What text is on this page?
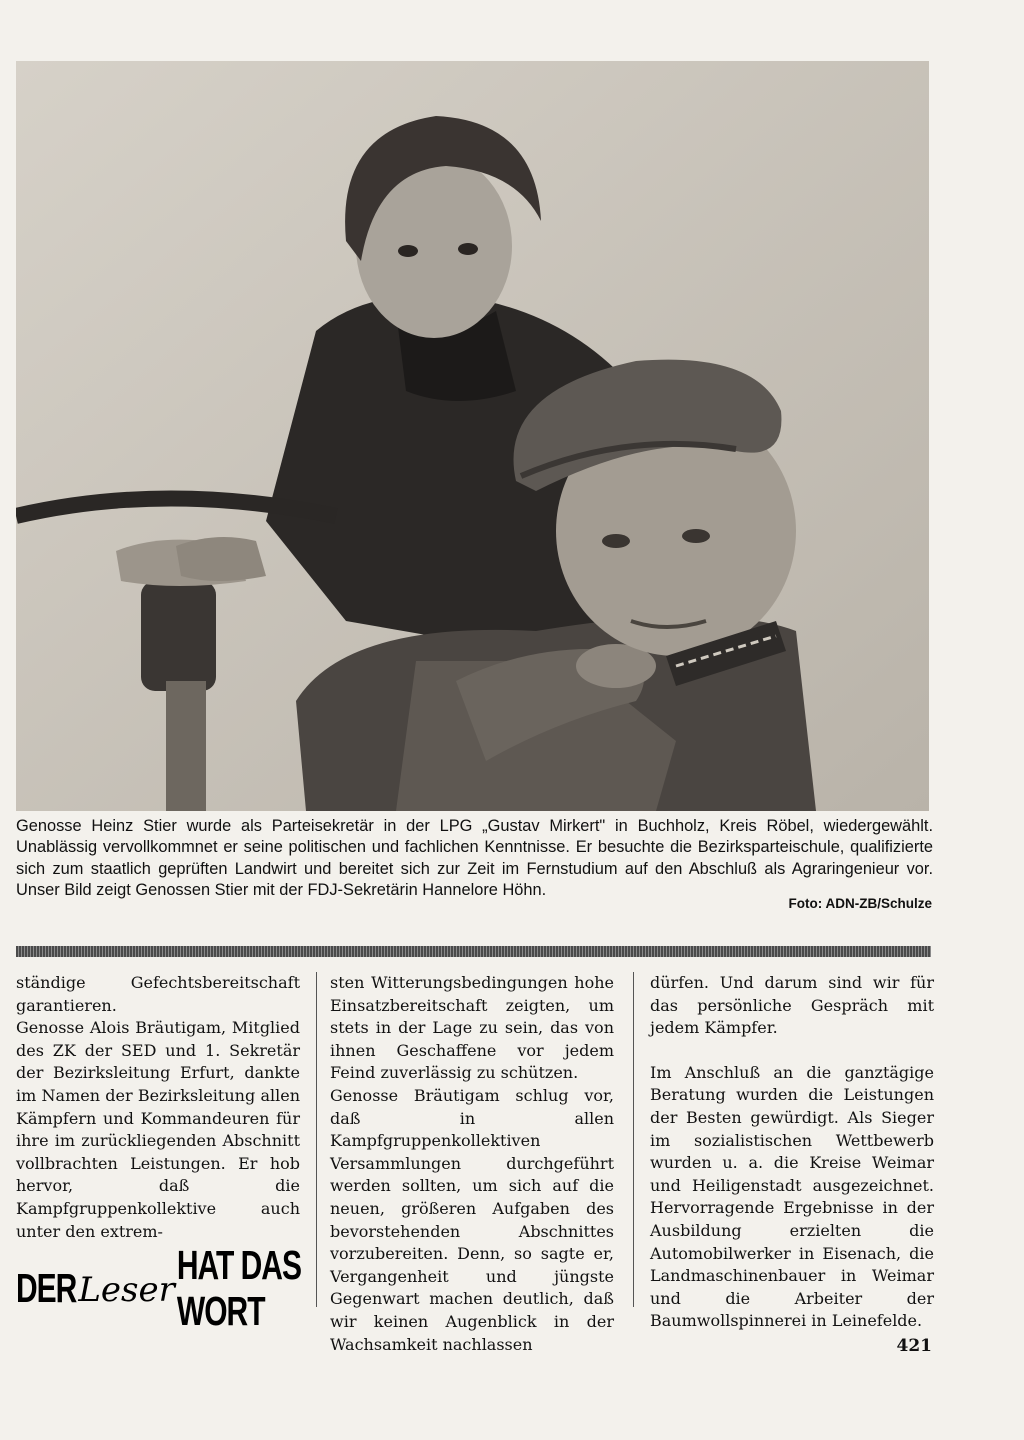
Genosse Heinz Stier wurde als Parteisekretär in der LPG „Gustav Mirkert" in Buchholz, Kreis Röbel, wiedergewählt. Unablässig vervollkommnet er seine politischen und fachlichen Kenntnisse. Er besuchte die Bezirksparteischule, qualifizierte sich zum staatlich geprüften Landwirt und bereitet sich zur Zeit im Fernstudium auf den Abschluß als Agraringenieur vor. Unser Bild zeigt Genossen Stier mit der FDJ-Sekretärin Hannelore Höhn.
Foto: ADN-ZB/Schulze

ständige Gefechtsbereitschaft garantieren.

Genosse Alois Bräutigam, Mitglied des ZK der SED und 1. Sekretär der Bezirksleitung Erfurt, dankte im Namen der Bezirksleitung allen Kämpfern und Kommandeuren für ihre im zurückliegenden Abschnitt vollbrachten Leistungen. Er hob hervor, daß die Kampfgruppenkollektive auch unter den extrem-

sten Witterungsbedingungen hohe Einsatzbereitschaft zeigten, um stets in der Lage zu sein, das von ihnen Geschaffene vor jedem Feind zuverlässig zu schützen.

Genosse Bräutigam schlug vor, daß in allen Kampfgruppenkollektiven Versammlungen durchgeführt werden sollten, um sich auf die neuen, größeren Aufgaben des bevorstehenden Abschnittes vorzubereiten. Denn, so sagte er, Vergangenheit und jüngste Gegenwart machen deutlich, daß wir keinen Augenblick in der Wachsamkeit nachlassen

dürfen. Und darum sind wir für das persönliche Gespräch mit jedem Kämpfer.

Im Anschluß an die ganztägige Beratung wurden die Leistungen der Besten gewürdigt. Als Sieger im sozialistischen Wettbewerb wurden u. a. die Kreise Weimar und Heiligenstadt ausgezeichnet. Hervorragende Ergebnisse in der Ausbildung erzielten die Automobilwerker in Eisenach, die Landmaschinenbauer in Weimar und die Arbeiter der Baumwollspinnerei in Leinefelde.

DER Leser
HAT DAS WORT
421
